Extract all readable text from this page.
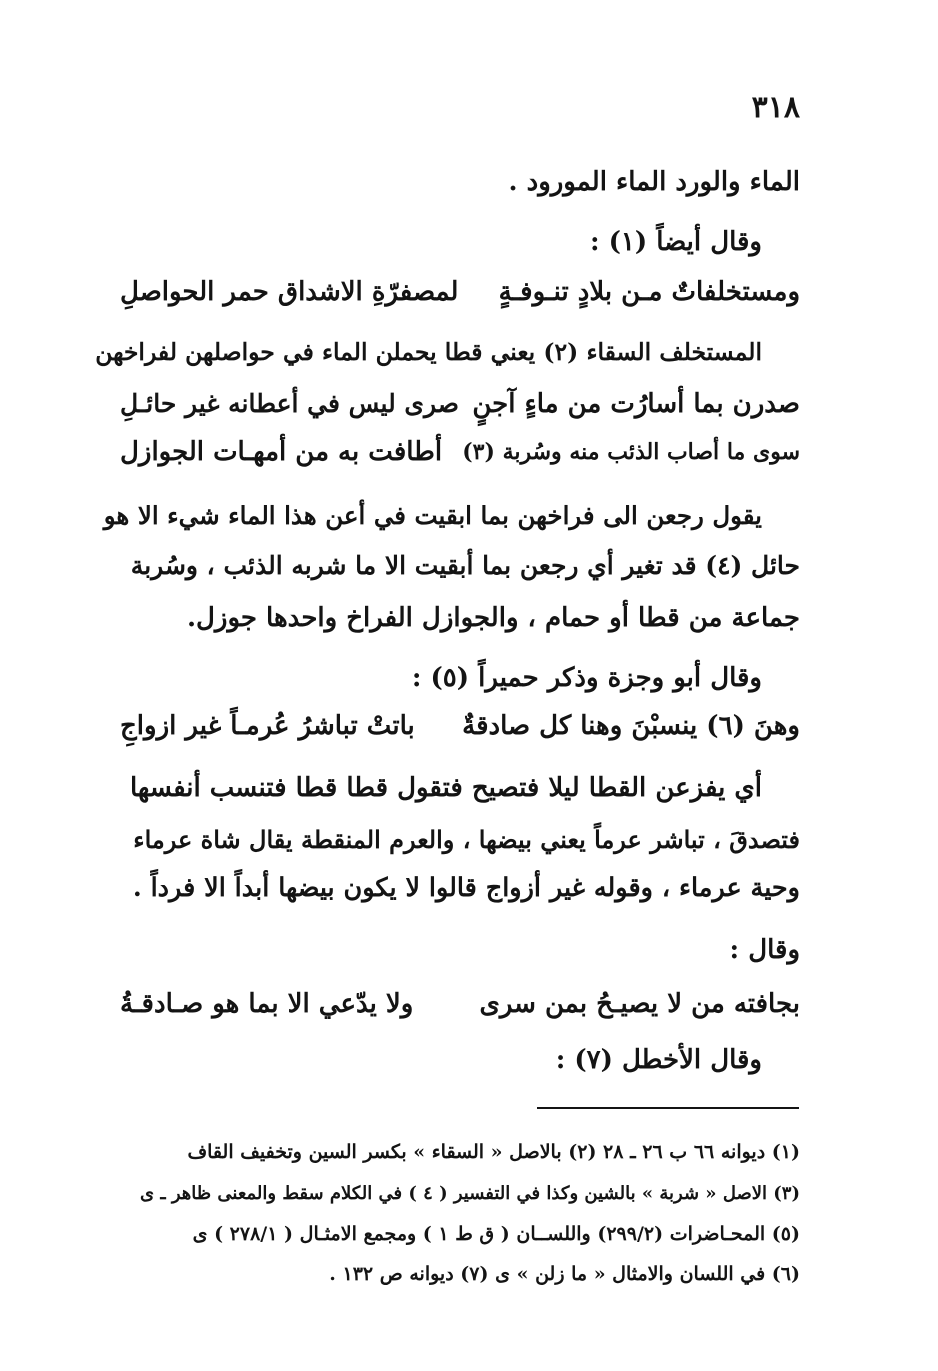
٣١٨
الماء والورد الماء المورود .
وقال أيضاً (١) :
ومستخلفاتٌ مـن بلادٍ تنـوفـةٍ
لمصفرّةِ الاشداق حمر الحواصلِ
المستخلف السقاء (٢) يعني قطا يحملن الماء في حواصلهن لفراخهن
صدرن بما أسارُت من ماءٍ آجنٍ
صرى ليس في أعطانه غير حائـلِ
سوى ما أصاب الذئب منه وسُربة (٣)
أطافت به من أمهـات الجوازل
يقول رجعن الى فراخهن بما ابقيت في أعن هذا الماء شيء الا هو
حائل (٤) قد تغير أي رجعن بما أبقيت الا ما شربه الذئب ، وسُربة
جماعة من قطا أو حمام ، والجوازل الفراخ واحدها جوزل.
وقال أبو وجزة وذكر حميراً (٥) :
وهنَ (٦) ينسبْنَ وهنا كل صادقةٌ
باتتْ تباشرُ عُرمـاً غير ازواجِ
أي يفزعن القطا ليلا فتصيح فتقول قطا قطا فتنسب أنفسها
فتصدقَ ، تباشر عرماً يعني بيضها ، والعرم المنقطة يقال شاة عرماء
وحية عرماء ، وقوله غير أزواج قالوا لا يكون بيضها أبداً الا فرداً .
وقال :
بجافته من لا يصيـحُ بمن سرى
ولا يدّعي الا بما هو صـادقـةُ
وقال الأخطل (٧) :
(١) ديوانه ٦٦ ب ٢٦ ـ ٢٨ (٢) بالاصل « السقاء » بكسر السين وتخفيف القاف
(٣) الاصل « شربة » بالشين وكذا في التفسير ( ٤ ) في الكلام سقط والمعنى ظاهر ـ ى
(٥) المحـاضرات (٢٩٩/٢) واللســان ( ق ط ١ ) ومجمع الامثـال ( ٢٧٨/١ ) ى
(٦) في اللسان والامثال « ما زلن » ى (٧) ديوانه ص ١٣٢ .
